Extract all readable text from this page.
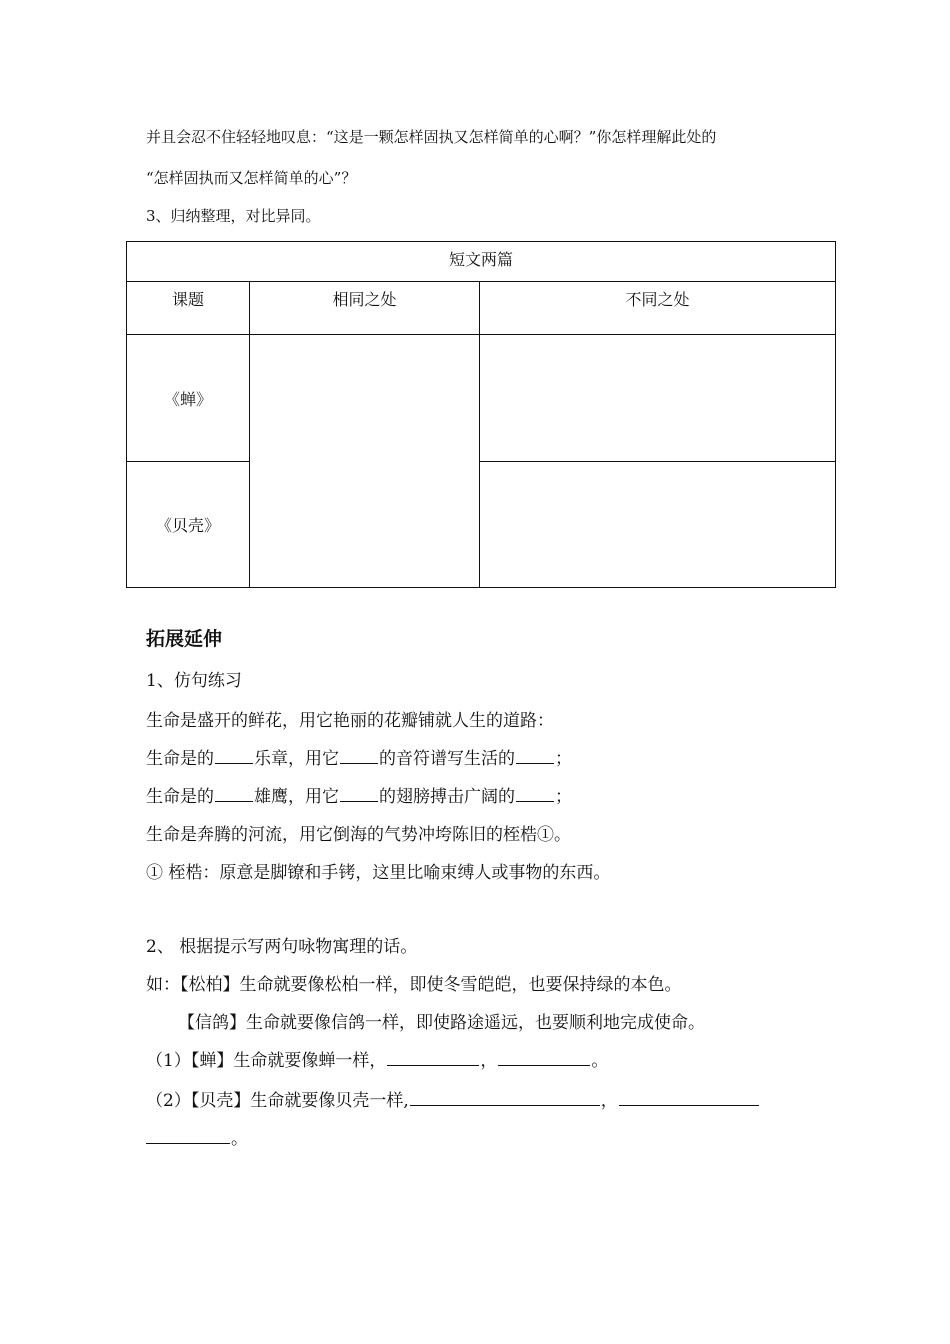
并且会忍不住轻轻地叹息：“这是一颗怎样固执又怎样简单的心啊？”你怎样理解此处的
“怎样固执而又怎样简单的心”？
3、归纳整理，对比异同。
短文两篇		

课题	相同之处	不同之处

《蝉》		
《贝壳》		
拓展延伸
1、仿句练习
生命是盛开的鲜花，用它艳丽的花瓣铺就人生的道路：
生命是的 乐章，用它 的音符谱写生活的 ；
生命是的 雄鹰，用它 的翅膀搏击广阔的 ；
生命是奔腾的河流，用它倒海的气势冲垮陈旧的桎梏①。
① 桎梏：原意是脚镣和手铐，这里比喻束缚人或事物的东西。
2、 根据提示写两句咏物寓理的话。
如：【松柏】生命就要像松柏一样，即使冬雪皑皑，也要保持绿的本色。
【信鸽】生命就要像信鸽一样，即使路途遥远，也要顺利地完成使命。
（1）【蝉】生命就要像蝉一样，	，	。
（2）【贝壳】生命就要像贝壳一样,	，
。
